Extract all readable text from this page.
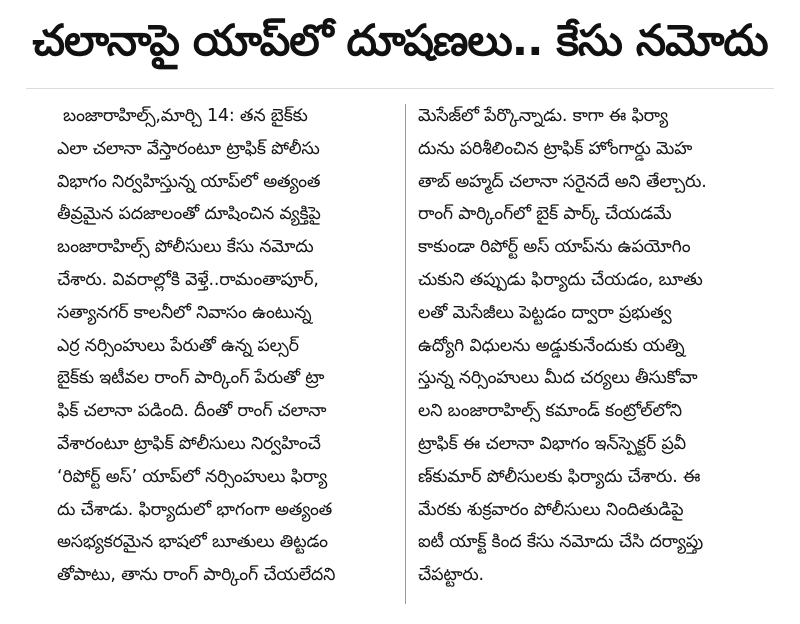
చలానాపై యాప్‌లో దూషణలు.. కేసు నమోదు
బంజారాహిల్స్‌,మార్చి 14: తన బైక్‌కు
ఎలా చలానా వేస్తారంటూ ట్రాఫిక్‌ పోలీసు
విభాగం నిర్వహిస్తున్న యాప్‌లో అత్యంత
తీవ్రమైన పదజాలంతో దూషించిన వ్యక్తిపై
బంజారాహిల్స్‌ పోలీసులు కేసు నమోదు
చేశారు. వివరాల్లోకి వెళ్తే..రామంతాపూర్‌,
సత్యానగర్‌ కాలనీలో నివాసం ఉంటున్న
ఎర్ర నర్సింహులు పేరుతో ఉన్న పల్సర్‌
బైక్‌కు ఇటీవల రాంగ్‌ పార్కింగ్‌ పేరుతో ట్రా
ఫిక్‌ చలానా పడింది. దీంతో రాంగ్‌ చలానా
వేశారంటూ ట్రాఫిక్‌ పోలీసులు నిర్వహించే
‘రిపోర్ట్‌ అస్‌’ యాప్‌లో నర్సింహులు ఫిర్యా
దు చేశాడు. ఫిర్యాదులో భాగంగా అత్యంత
అసభ్యకరమైన భాషలో బూతులు తిట్టడం
తోపాటు, తాను రాంగ్‌ పార్కింగ్‌ చేయలేదని
మెసేజ్‌లో పేర్కొన్నాడు. కాగా ఈ ఫిర్యా
దును పరిశీలించిన ట్రాఫిక్‌ హోంగార్డు మెహ
తాబ్‌ అహ్మద్‌ చలానా సరైనదే అని తేల్చారు.
రాంగ్‌ పార్కింగ్‌లో బైక్‌ పార్క్‌ చేయడమే
కాకుండా రిపోర్ట్‌ అస్‌ యాప్‌ను ఉపయోగిం
చుకుని తప్పుడు ఫిర్యాదు చేయడం, బూతు
లతో మెసేజీలు పెట్టడం ద్వారా ప్రభుత్వ
ఉద్యోగి విధులను అడ్డుకునేందుకు యత్ని
స్తున్న నర్సింహులు మీద చర్యలు తీసుకోవా
లని బంజారాహిల్స్‌ కమాండ్‌ కంట్రోల్‌లోని
ట్రాఫిక్‌ ఈ చలానా విభాగం ఇన్‌స్పెక్టర్‌ ప్రవీ
ణ్‌కుమార్‌ పోలీసులకు ఫిర్యాదు చేశారు. ఈ
మేరకు శుక్రవారం పోలీసులు నిందితుడిపై
ఐటీ యాక్ట్‌ కింద కేసు నమోదు చేసి దర్యాప్తు
చేపట్టారు.
